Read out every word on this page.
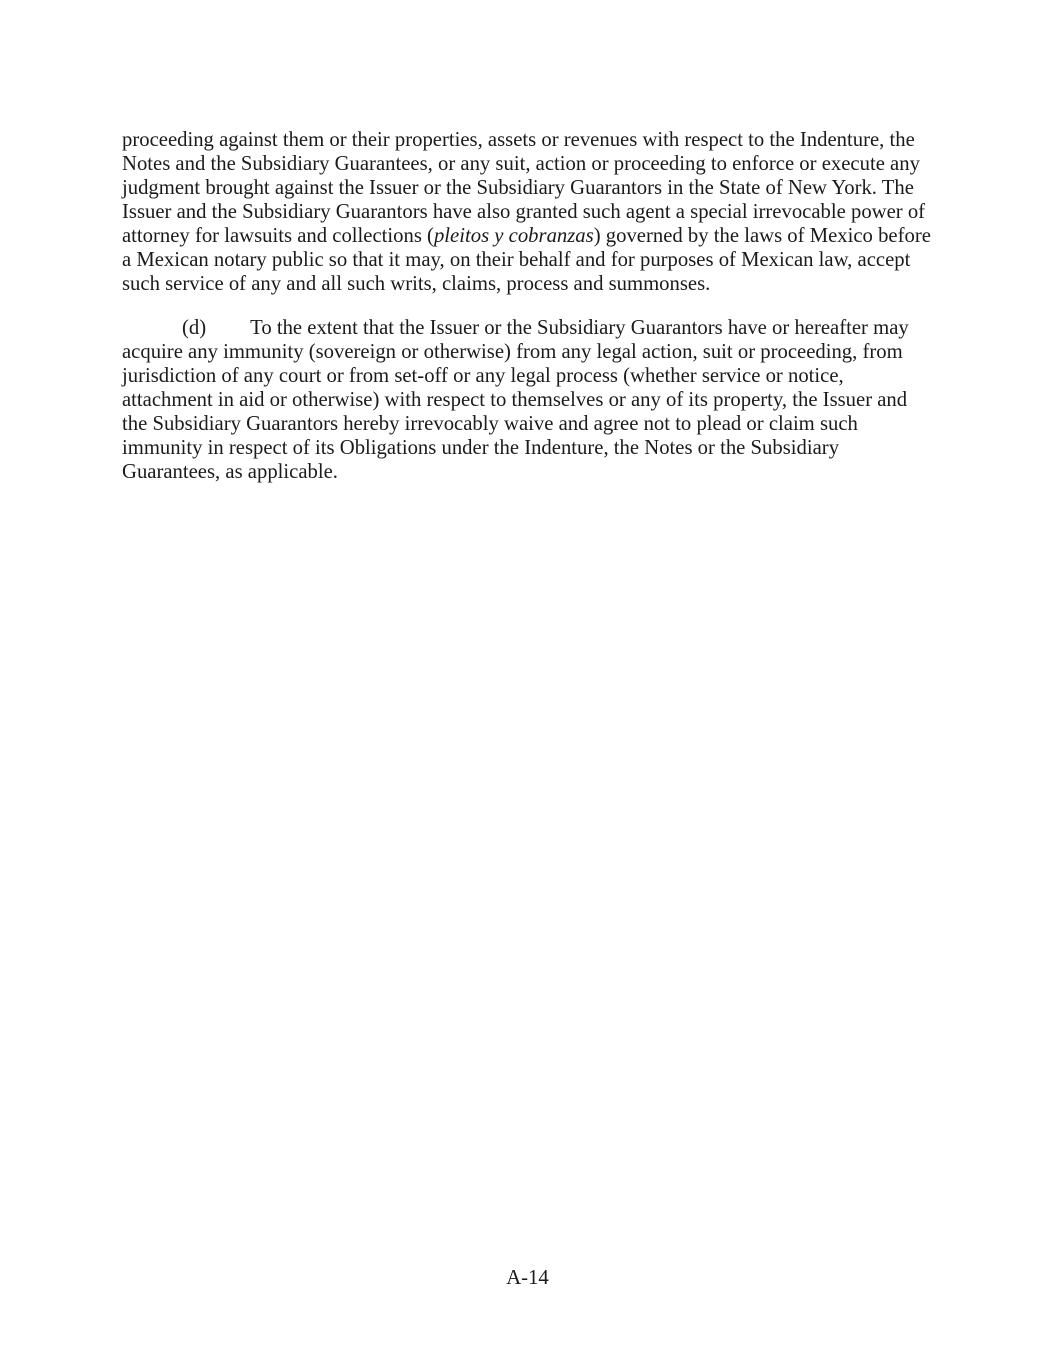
proceeding against them or their properties, assets or revenues with respect to the Indenture, the Notes and the Subsidiary Guarantees, or any suit, action or proceeding to enforce or execute any judgment brought against the Issuer or the Subsidiary Guarantors in the State of New York. The Issuer and the Subsidiary Guarantors have also granted such agent a special irrevocable power of attorney for lawsuits and collections (pleitos y cobranzas) governed by the laws of Mexico before a Mexican notary public so that it may, on their behalf and for purposes of Mexican law, accept such service of any and all such writs, claims, process and summonses.

(d) To the extent that the Issuer or the Subsidiary Guarantors have or hereafter may acquire any immunity (sovereign or otherwise) from any legal action, suit or proceeding, from jurisdiction of any court or from set-off or any legal process (whether service or notice, attachment in aid or otherwise) with respect to themselves or any of its property, the Issuer and the Subsidiary Guarantors hereby irrevocably waive and agree not to plead or claim such immunity in respect of its Obligations under the Indenture, the Notes or the Subsidiary Guarantees, as applicable.

A-14
